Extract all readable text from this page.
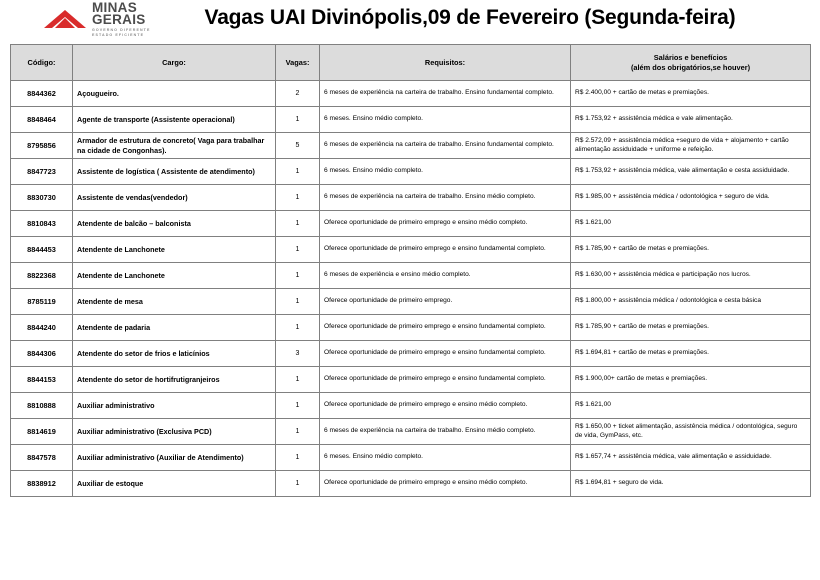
MINAS
GERAIS
GOVERNO DIFERENTE
ESTADO EFICIENTE
Vagas UAI Divinópolis,09 de Fevereiro (Segunda-feira)
Código:	Cargo:	Vagas:	Requisitos:	Salários e benefícios
(além dos obrigatórios,se houver)
8844362	Açougueiro.	2	6 meses de experiência na carteira de trabalho. Ensino fundamental completo.	R$ 2.400,00 + cartão de metas e premiações.
8848464	Agente de transporte (Assistente operacional)	1	6 meses. Ensino médio completo.	R$ 1.753,92 + assistência médica e vale alimentação.
8795856	Armador de estrutura de concreto( Vaga para trabalhar na cidade de Congonhas).	5	6 meses de experiência na carteira de trabalho. Ensino fundamental completo.	R$ 2.572,09 + assistência médica +seguro de vida + alojamento + cartão alimentação assiduidade + uniforme e refeição.
8847723	Assistente de logística ( Assistente de atendimento)	1	6 meses. Ensino médio completo.	R$ 1.753,92 + assistência médica, vale alimentação e cesta assiduidade.
8830730	Assistente de vendas(vendedor)	1	6 meses de experiência na carteira de trabalho. Ensino médio completo.	R$ 1.985,00 + assistência médica / odontológica + seguro de vida.
8810843	Atendente de balcão – balconista	1	Oferece oportunidade de primeiro emprego e ensino médio completo.	R$ 1.621,00
8844453	Atendente de Lanchonete	1	Oferece oportunidade de primeiro emprego e ensino fundamental completo.	R$ 1.785,90 + cartão de metas e premiações.
8822368	Atendente de Lanchonete	1	6 meses de experiência e ensino médio completo.	R$ 1.630,00 + assistência médica e participação nos lucros.
8785119	Atendente de mesa	1	Oferece oportunidade de primeiro emprego.	R$ 1.800,00 + assistência médica / odontológica e cesta básica
8844240	Atendente de padaria	1	Oferece oportunidade de primeiro emprego e ensino fundamental completo.	R$ 1.785,90 + cartão de metas e premiações.
8844306	Atendente do setor de frios e laticínios	3	Oferece oportunidade de primeiro emprego e ensino fundamental completo.	R$ 1.694,81 + cartão de metas e premiações.
8844153	Atendente do setor de hortifrutigranjeiros	1	Oferece oportunidade de primeiro emprego e ensino fundamental completo.	R$ 1.900,00+ cartão de metas e premiações.
8810888	Auxiliar administrativo	1	Oferece oportunidade de primeiro emprego e ensino médio completo.	R$ 1.621,00
8814619	Auxiliar administrativo (Exclusiva PCD)	1	6 meses de experiência na carteira de trabalho. Ensino médio completo.	R$ 1.650,00 + ticket alimentação, assistência médica / odontológica, seguro de vida, GymPass, etc.
8847578	Auxiliar administrativo (Auxiliar de Atendimento)	1	6 meses. Ensino médio completo.	R$ 1.657,74 + assistência médica, vale alimentação e assiduidade.
8838912	Auxiliar de estoque	1	Oferece oportunidade de primeiro emprego e ensino médio completo.	R$ 1.694,81 + seguro de vida.
